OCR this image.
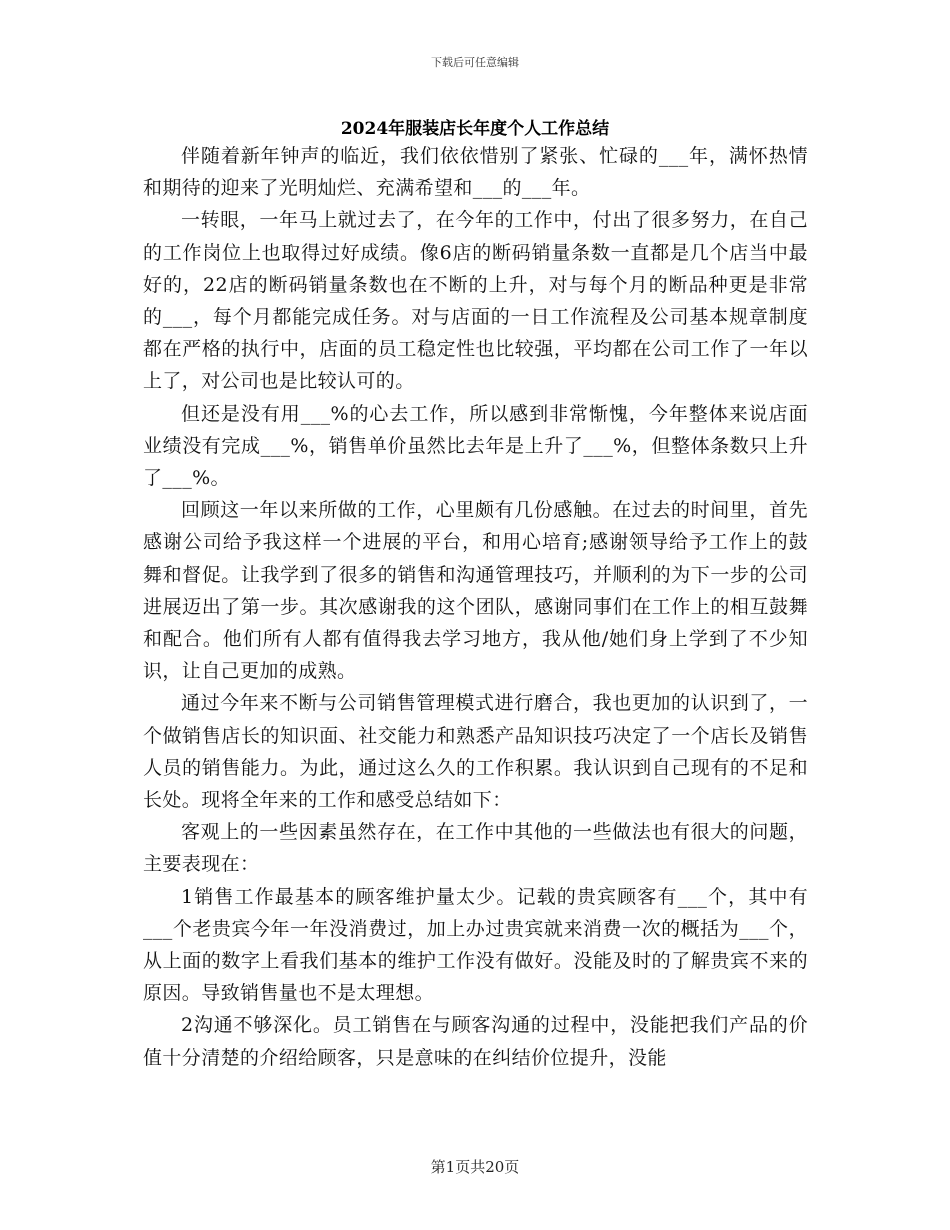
下载后可任意编辑
2024年服装店长年度个人工作总结

伴随着新年钟声的临近，我们依依惜别了紧张、忙碌的___年，满怀热情和期待的迎来了光明灿烂、充满希望和___的___年。

一转眼，一年马上就过去了，在今年的工作中，付出了很多努力，在自己的工作岗位上也取得过好成绩。像6店的断码销量条数一直都是几个店当中最好的，22店的断码销量条数也在不断的上升，对与每个月的断品种更是非常的___，每个月都能完成任务。对与店面的一日工作流程及公司基本规章制度都在严格的执行中，店面的员工稳定性也比较强，平均都在公司工作了一年以上了，对公司也是比较认可的。

但还是没有用___%的心去工作，所以感到非常惭愧，今年整体来说店面业绩没有完成___%，销售单价虽然比去年是上升了___%，但整体条数只上升了___%。

回顾这一年以来所做的工作，心里颇有几份感触。在过去的时间里，首先感谢公司给予我这样一个进展的平台，和用心培育;感谢领导给予工作上的鼓舞和督促。让我学到了很多的销售和沟通管理技巧，并顺利的为下一步的公司进展迈出了第一步。其次感谢我的这个团队，感谢同事们在工作上的相互鼓舞和配合。他们所有人都有值得我去学习地方，我从他/她们身上学到了不少知识，让自己更加的成熟。

通过今年来不断与公司销售管理模式进行磨合，我也更加的认识到了，一个做销售店长的知识面、社交能力和熟悉产品知识技巧决定了一个店长及销售人员的销售能力。为此，通过这么久的工作积累。我认识到自己现有的不足和长处。现将全年来的工作和感受总结如下：

客观上的一些因素虽然存在，在工作中其他的一些做法也有很大的问题，主要表现在：

1销售工作最基本的顾客维护量太少。记载的贵宾顾客有___个，其中有___个老贵宾今年一年没消费过，加上办过贵宾就来消费一次的概括为___个，从上面的数字上看我们基本的维护工作没有做好。没能及时的了解贵宾不来的原因。导致销售量也不是太理想。

2沟通不够深化。员工销售在与顾客沟通的过程中，没能把我们产品的价值十分清楚的介绍给顾客，只是意味的在纠结价位提升，没能

第1页共20页
